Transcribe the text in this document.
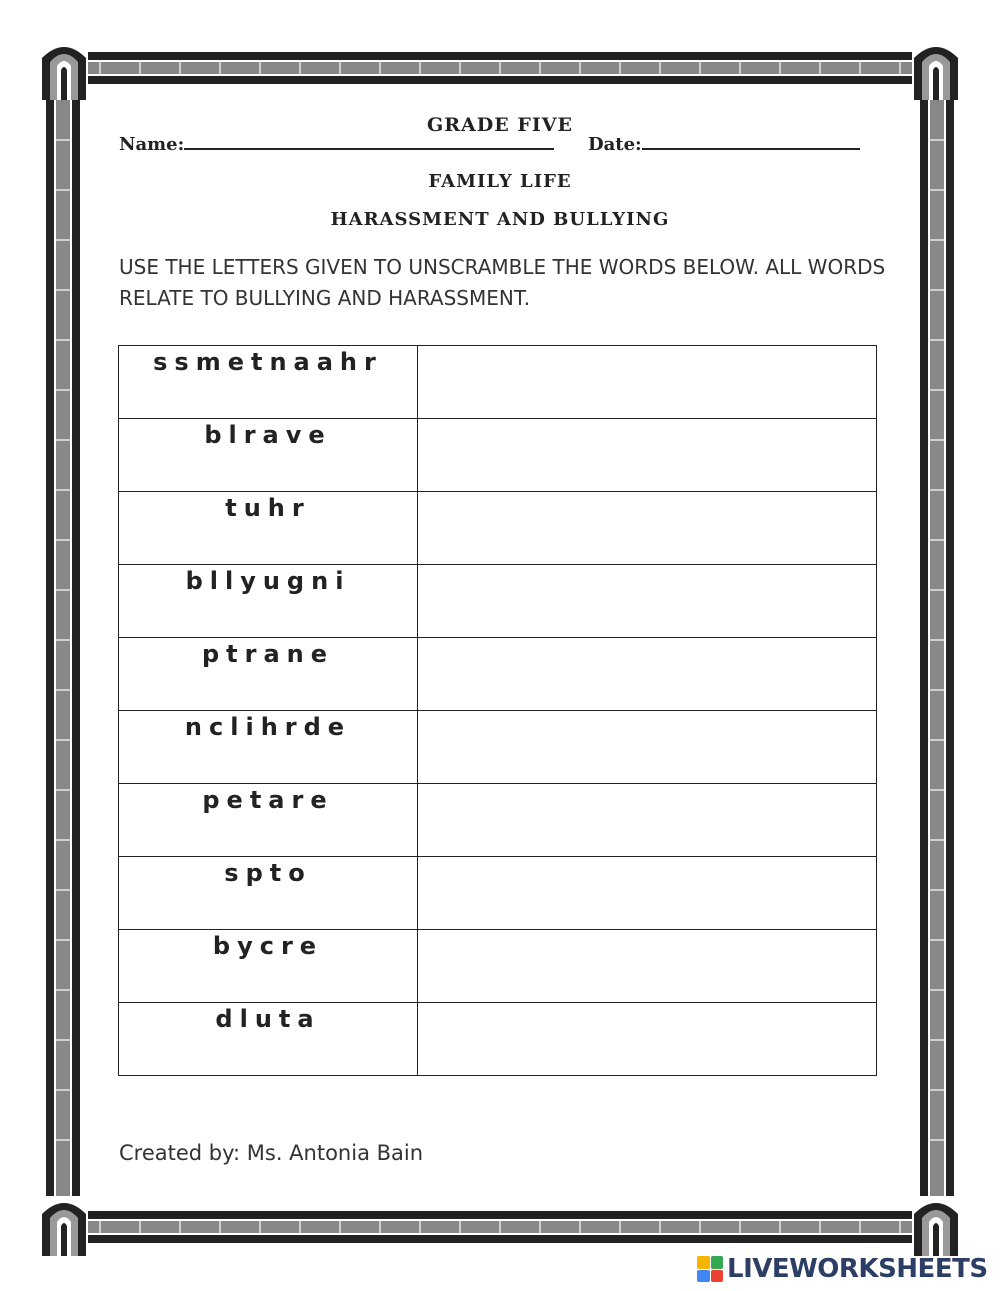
GRADE FIVE
Name:	Date:
FAMILY LIFE
HARASSMENT AND BULLYING
USE THE LETTERS GIVEN TO UNSCRAMBLE THE WORDS BELOW. ALL WORDS RELATE TO BULLYING AND HARASSMENT.
ssmetnaahr	
blrave	
tuhr	
bllyugni	
ptrane	
nclihrde	
petare	
spto	
bycre	
dluta	
Created by: Ms. Antonia Bain
LIVEWORKSHEETS
